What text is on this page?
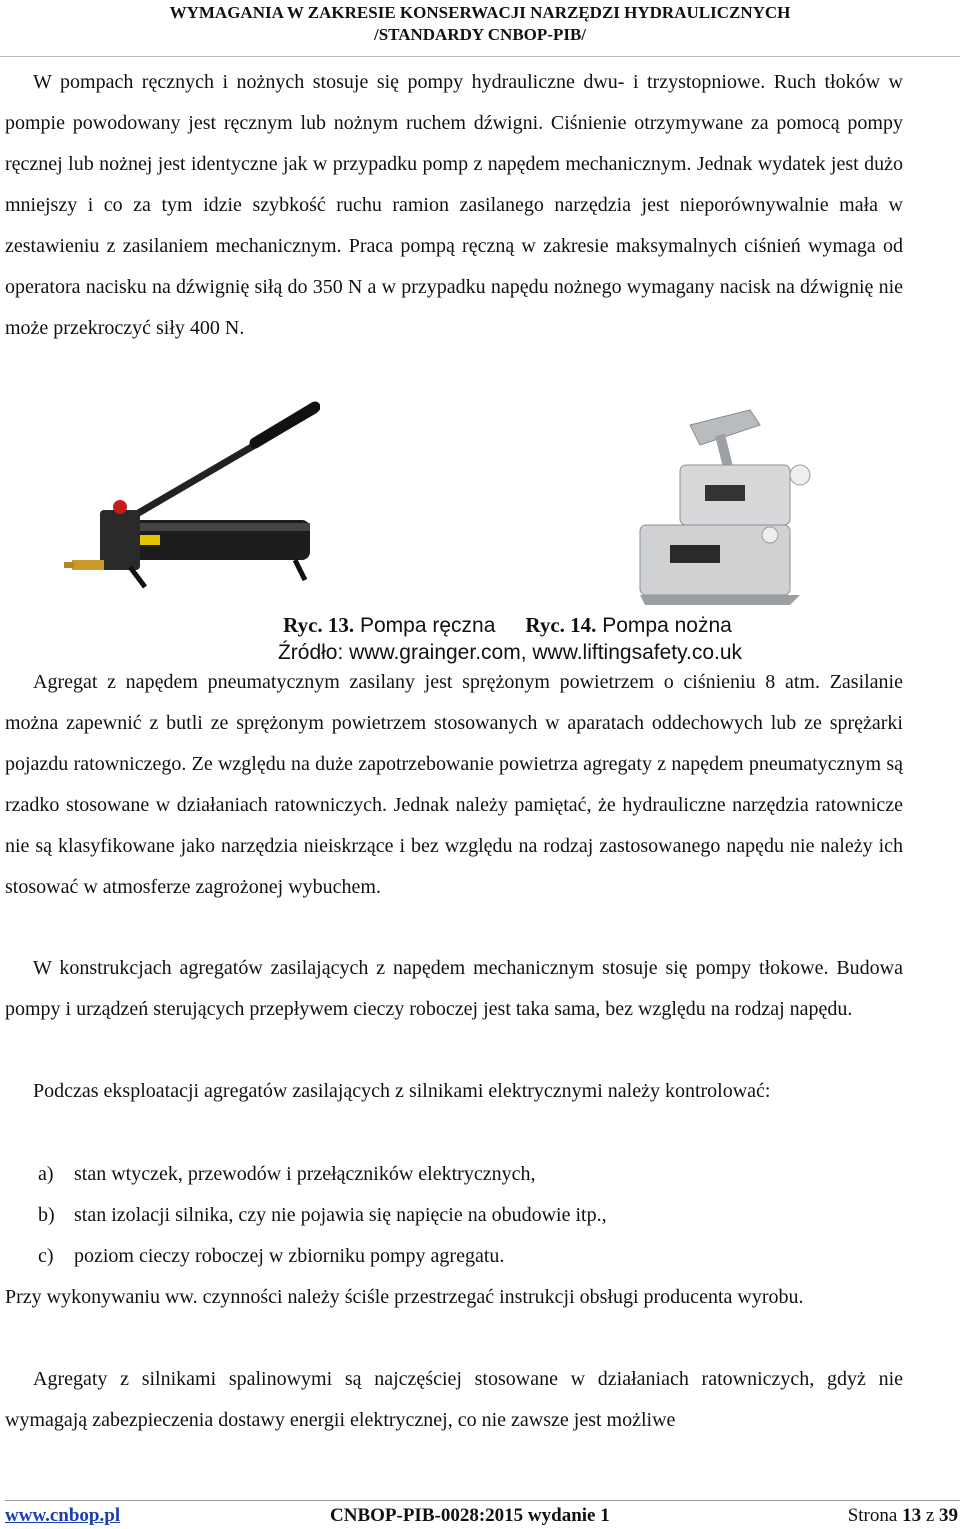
WYMAGANIA W ZAKRESIE KONSERWACJI NARZĘDZI HYDRAULICZNYCH
/STANDARDY CNBOP-PIB/
W pompach ręcznych i nożnych stosuje się pompy hydrauliczne dwu- i trzystopniowe. Ruch tłoków w pompie powodowany jest ręcznym lub nożnym ruchem dźwigni. Ciśnienie otrzymywane za pomocą pompy ręcznej lub nożnej jest identyczne jak w przypadku pomp z napędem mechanicznym. Jednak wydatek jest dużo mniejszy i co za tym idzie szybkość ruchu ramion zasilanego narzędzia jest nieporównywalnie mała w zestawieniu z zasilaniem mechanicznym. Praca pompą ręczną w zakresie maksymalnych ciśnień wymaga od operatora nacisku na dźwignię siłą do 350 N a w przypadku napędu nożnego wymagany nacisk na dźwignię nie może przekroczyć siły 400 N.
Ryc. 13. Pompa ręczna Ryc. 14. Pompa nożna
Źródło: www.grainger.com, www.liftingsafety.co.uk
Agregat z napędem pneumatycznym zasilany jest sprężonym powietrzem o ciśnieniu 8 atm. Zasilanie można zapewnić z butli ze sprężonym powietrzem stosowanych w aparatach oddechowych lub ze sprężarki pojazdu ratowniczego. Ze względu na duże zapotrzebowanie powietrza agregaty z napędem pneumatycznym są rzadko stosowane w działaniach ratowniczych. Jednak należy pamiętać, że hydrauliczne narzędzia ratownicze nie są klasyfikowane jako narzędzia nieiskrzące i bez względu na rodzaj zastosowanego napędu nie należy ich stosować w atmosferze zagrożonej wybuchem.
W konstrukcjach agregatów zasilających z napędem mechanicznym stosuje się pompy tłokowe. Budowa pompy i urządzeń sterujących przepływem cieczy roboczej jest taka sama, bez względu na rodzaj napędu.
Podczas eksploatacji agregatów zasilających z silnikami elektrycznymi należy kontrolować:
a) stan wtyczek, przewodów i przełączników elektrycznych,
b) stan izolacji silnika, czy nie pojawia się napięcie na obudowie itp.,
c) poziom cieczy roboczej w zbiorniku pompy agregatu.
Przy wykonywaniu ww. czynności należy ściśle przestrzegać instrukcji obsługi producenta wyrobu.
Agregaty z silnikami spalinowymi są najczęściej stosowane w działaniach ratowniczych, gdyż nie wymagają zabezpieczenia dostawy energii elektrycznej, co nie zawsze jest możliwe
www.cnbop.pl	CNBOP-PIB-0028:2015 wydanie 1	Strona 13 z 39
